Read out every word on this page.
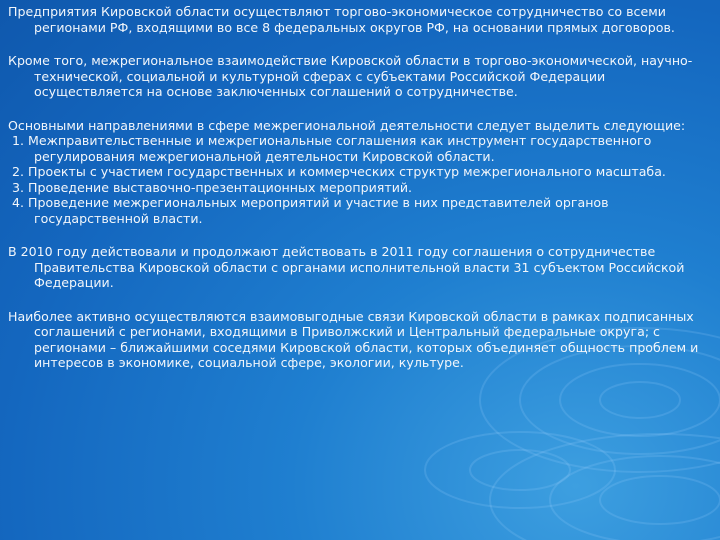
Предприятия Кировской области осуществляют торгово-экономическое сотрудничество со всеми регионами РФ, входящими во все 8 федеральных округов РФ, на основании прямых договоров.

Кроме того, межрегиональное взаимодействие Кировской области в торгово-экономической, научно-технической, социальной и культурной сферах с субъектами Российской Федерации осуществляется на основе заключенных соглашений о сотрудничестве.

Основными направлениями в сфере межрегиональной деятельности следует выделить следующие:

1. Межправительственные и межрегиональные соглашения как инструмент государственного регулирования межрегиональной деятельности Кировской области.

2. Проекты с участием государственных и коммерческих структур межрегионального масштаба.

3. Проведение выставочно-презентационных мероприятий.

4. Проведение межрегиональных мероприятий и участие в них представителей органов государственной власти.

В 2010 году действовали и продолжают действовать в 2011 году соглашения о сотрудничестве Правительства Кировской области с органами исполнительной власти 31 субъектом Российской Федерации.

Наиболее активно осуществляются взаимовыгодные связи Кировской области в рамках подписанных соглашений с регионами, входящими в Приволжский и Центральный федеральные округа; с регионами – ближайшими соседями Кировской области, которых объединяет общность проблем и интересов в экономике, социальной сфере, экологии, культуре.
